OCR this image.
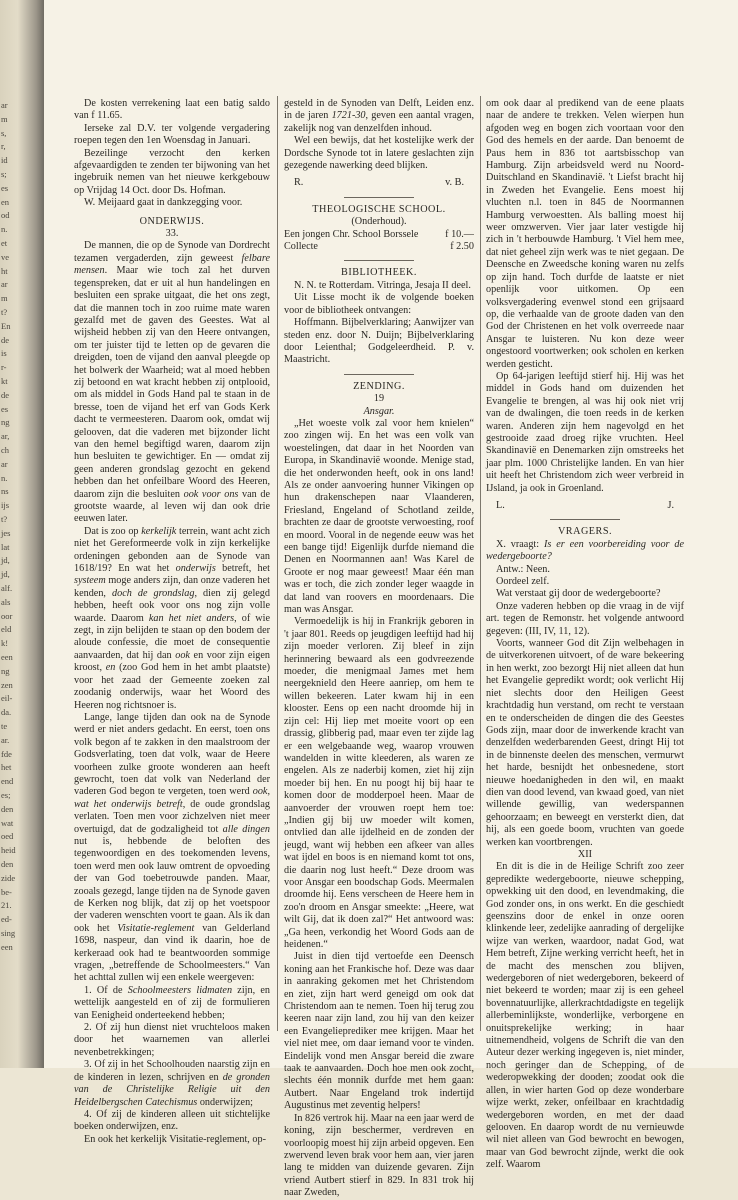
ar
m
s,
r,
id
s;
es
en
od
n.
et
ve
ht
ar
m
t?
En
de
is
r-
kt
de
es
ng
ar,
ch
ar
n.
ns
ijs
t?
jes
lat
jd,
jd,
alf.
als
oor
eld
k!
een
ng
zen
eil-
da.
te
ar.
fde
het
end
es;
den
wat
oed
heid
den
zide
be-
21.
ed-
sing
een

De kosten verrekening laat een batig saldo van f 11.65.

Ierseke zal D.V. ter volgende vergadering roepen tegen den 1en Woensdag in Januari.

Bezeilinge verzocht den kerken afgevaardigden te zenden ter bijwoning van het ingebruik nemen van het nieuwe kerkgebouw op Vrijdag 14 Oct. door Ds. Hofman.

W. Meijaard gaat in dankzegging voor.

ONDERWIJS.

33.

De mannen, die op de Synode van Dordrecht tezamen vergaderden, zijn geweest felbare mensen. Maar wie toch zal het durven tegenspreken, dat er uit al hun handelingen en besluiten een sprake uitgaat, die het ons zegt, dat die mannen toch in zoo ruime mate waren gezalfd met de gaven des Geestes. Wat al wijsheid hebben zij van den Heere ontvangen, om ter juister tijd te letten op de gevaren die dreigden, toen de vijand den aanval pleegde op het bolwerk der Waarheid; wat al moed hebben zij betoond en wat kracht hebben zij ontplooid, om als middel in Gods Hand pal te staan in de bresse, toen de vijand het erf van Gods Kerk dacht te vermeesteren. Daarom ook, omdat wij gelooven, dat die vaderen met bijzonder licht van den hemel begiftigd waren, daarom zijn hun besluiten te gewichtiger. En — omdat zij geen anderen grondslag gezocht en gekend hebben dan het onfeilbare Woord des Heeren, daarom zijn die besluiten ook voor ons van de grootste waarde, al leven wij dan ook drie eeuwen later.

Dat is zoo op kerkelijk terrein, want acht zich niet het Gereformeerde volk in zijn kerkelijke ordeningen gebonden aan de Synode van 1618/19? En wat het onderwijs betreft, het systeem moge anders zijn, dan onze vaderen het kenden, doch de grondslag, dien zij gelegd hebben, heeft ook voor ons nog zijn volle waarde. Daarom kan het niet anders, of wie zegt, in zijn belijden te staan op den bodem der aloude confessie, die moet de consequentie aanvaarden, dat hij dan ook en voor zijn eigen kroost, en (zoo God hem in het ambt plaatste) voor het zaad der Gemeente zoeken zal zoodanig onderwijs, waar het Woord des Heeren nog richtsnoer is.

Lange, lange tijden dan ook na de Synode werd er niet anders gedacht. En eerst, toen ons volk begon af te zakken in den maalstroom der Godsverlating, toen dat volk, waar de Heere voorheen zulke groote wonderen aan heeft gewrocht, toen dat volk van Nederland der vaderen God begon te vergeten, toen werd ook, wat het onderwijs betreft, de oude grondslag verlaten. Toen men voor zichzelven niet meer overtuigd, dat de godzaligheid tot alle dingen nut is, hebbende de beloften des tegenwoordigen en des toekomenden levens, toen werd men ook lauw omtrent de opvoeding der van God toebetrouwde panden. Maar, zooals gezegd, lange tijden na de Synode gaven de Kerken nog blijk, dat zij op het voetspoor der vaderen wenschten voort te gaan. Als ik dan ook het Visitatie-reglement van Gelderland 1698, naspeur, dan vind ik daarin, hoe de kerkeraad ook had te beantwoorden sommige vragen, „betreffende de Schoolmeesters.“ Van het achttal zullen wij een enkele weergeven:

1. Of de Schoolmeesters lidmaten zijn, en wettelijk aangesteld en of zij de formulieren van Eenigheid onderteekend hebben;

2. Of zij hun dienst niet vruchteloos maken door het waarnemen van allerlei nevenbetrekkingen;

3. Of zij in het Schoolhouden naarstig zijn en de kinderen in lezen, schrijven en de gronden van de Christelijke Religie uit den Heidelbergschen Catechismus onderwijzen;

4. Of zij de kinderen alleen uit stichtelijke boeken onderwijzen, enz.

En ook het kerkelijk Visitatie-reglement, op-

gesteld in de Synoden van Delft, Leiden enz. in de jaren 1721-30, geven een aantal vragen, zakelijk nog van denzelfden inhoud.

Wel een bewijs, dat het kostelijke werk der Dordsche Synode tot in latere geslachten zijn gezegende nawerking deed blijken.

R.	v. B.

THEOLOGISCHE SCHOOL.

(Onderhoud).

Een jongen Chr. School Borssele	f 10.—
Collecte	f 2.50

BIBLIOTHEEK.

N. N. te Rotterdam. Vitringa, Jesaja II deel.

Uit Lisse mocht ik de volgende boeken voor de bibliotheek ontvangen:

Hoffmann. Bijbelverklaring; Aanwijzer van steden enz. door N. Duijn; Bijbelverklaring door Leienthal; Godgeleerdheid. P. v. Maastricht.

ZENDING.

19

Ansgar.

„Het woeste volk zal voor hem knielen“ zoo zingen wij. En het was een volk van woestelingen, dat daar in het Noorden van Europa, in Skandinavië woonde. Menige stad, die het onderwonden heeft, ook in ons land! Als ze onder aanvoering hunner Vikingen op hun drakenschepen naar Vlaanderen, Friesland, Engeland of Schotland zeilde, brachten ze daar de grootste verwoesting, roof en moord. Vooral in de negende eeuw was het een bange tijd! Eigenlijk durfde niemand die Denen en Noormannen aan! Was Karel de Groote er nog maar geweest! Maar één man was er toch, die zich zonder leger waagde in dat land van roovers en moordenaars. Die man was Ansgar.

Vermoedelijk is hij in Frankrijk geboren in 't jaar 801. Reeds op jeugdigen leeftijd had hij zijn moeder verloren. Zij bleef in zijn herinnering bewaard als een godvreezende moeder, die menigmaal James met hem neergeknield den Heere aanriep, om hem te willen bekeeren. Later kwam hij in een klooster. Eens op een nacht droomde hij in zijn cel: Hij liep met moeite voort op een drassig, glibberig pad, maar even ter zijde lag er een welgebaande weg, waarop vrouwen wandelden in witte kleederen, als waren ze engelen. Als ze naderbij komen, ziet hij zijn moeder bij hen. En nu poogt hij bij haar te komen door de modderpoel heen. Maar de aanvoerder der vrouwen roept hem toe: „Indien gij bij uw moeder wilt komen, ontvlied dan alle ijdelheid en de zonden der jeugd, want wij hebben een afkeer van alles wat ijdel en boos is en niemand komt tot ons, die daarin nog lust heeft.“ Deze droom was voor Ansgar een boodschap Gods. Meermalen droomde hij. Eens verscheen de Heere hem in zoo'n droom en Ansgar smeekte: „Heere, wat wilt Gij, dat ik doen zal?“ Het antwoord was: „Ga heen, verkondig het Woord Gods aan de heidenen.“

Juist in dien tijd vertoefde een Deensch koning aan het Frankische hof. Deze was daar in aanraking gekomen met het Christendom en ziet, zijn hart werd geneigd om ook dat Christendom aan te nemen. Toen hij terug zou keeren naar zijn land, zou hij van den keizer een Evangelieprediker mee krijgen. Maar het viel niet mee, om daar iemand voor te vinden. Eindelijk vond men Ansgar bereid die zware taak te aanvaarden. Doch hoe men ook zocht, slechts één monnik durfde met hem gaan: Autbert. Naar Engeland trok indertijd Augustinus met zeventig helpers!

In 826 vertrok hij. Maar na een jaar werd de koning, zijn beschermer, verdreven en voorloopig moest hij zijn arbeid opgeven. Een zwervend leven brak voor hem aan, vier jaren lang te midden van duizende gevaren. Zijn vriend Autbert stierf in 829. In 831 trok hij naar Zweden,

om ook daar al predikend van de eene plaats naar de andere te trekken. Velen wierpen hun afgoden weg en bogen zich voortaan voor den God des hemels en der aarde. Dan benoemt de Paus hem in 836 tot aartsbisschop van Hamburg. Zijn arbeidsveld werd nu Noord-Duitschland en Skandinavië. 't Liefst bracht hij in Zweden het Evangelie. Eens moest hij vluchten n.l. toen in 845 de Noormannen Hamburg verwoestten. Als balling moest hij weer omzwerven. Vier jaar later vestigde hij zich in 't herbouwde Hamburg. 't Viel hem mee, dat niet geheel zijn werk was te niet gegaan. De Deensche en Zweedsche koning waren nu zelfs op zijn hand. Toch durfde de laatste er niet openlijk voor uitkomen. Op een volksvergadering evenwel stond een grijsaard op, die verhaalde van de groote daden van den God der Christenen en het volk overreede naar Ansgar te luisteren. Nu kon deze weer ongestoord voortwerken; ook scholen en kerken werden gesticht.

Op 64-jarigen leeftijd stierf hij. Hij was het middel in Gods hand om duizenden het Evangelie te brengen, al was hij ook niet vrij van de dwalingen, die toen reeds in de kerken waren. Anderen zijn hem nagevolgd en het gestrooide zaad droeg rijke vruchten. Heel Skandinavië en Denemarken zijn omstreeks het jaar plm. 1000 Christelijke landen. En van hier uit heeft het Christendom zich weer verbreid in IJsland, ja ook in Groenland.

L.	J.

VRAGERS.

X. vraagt: Is er een voorbereiding voor de wedergeboorte?

Antw.: Neen.

Oordeel zelf.

Wat verstaat gij door de wedergeboorte?

Onze vaderen hebben op die vraag in de vijf art. tegen de Remonstr. het volgende antwoord gegeven: (III, IV, 11, 12).

Voorts, wanneer God dit Zijn welbehagen in de uitverkorenen uitvoert, of de ware bekeering in hen werkt, zoo bezorgt Hij niet alleen dat hun het Evangelie gepredikt wordt; ook verlicht Hij niet slechts door den Heiligen Geest krachtdadig hun verstand, om recht te verstaan en te onderscheiden de dingen die des Geestes Gods zijn, maar door de inwerkende kracht van denzelfden wederbarenden Geest, dringt Hij tot in de binnenste deelen des menschen, vermurwt het harde, besnijdt het onbesnedene, stort nieuwe hoedanigheden in den wil, en maakt dien van dood levend, van kwaad goed, van niet willende gewillig, van wederspannen gehoorzaam; en beweegt en versterkt dien, dat hij, als een goede boom, vruchten van goede werken kan voortbrengen.

XII

En dit is die in de Heilige Schrift zoo zeer gepredikte wedergeboorte, nieuwe schepping, opwekking uit den dood, en levendmaking, die God zonder ons, in ons werkt. En die geschiedt geenszins door de enkel in onze ooren klinkende leer, zedelijke aanrading of dergelijke wijze van werken, waardoor, nadat God, wat Hem betreft, Zijne werking verricht heeft, het in de macht des menschen zou blijven, wedergeboren of niet wedergeboren, bekeerd of niet bekeerd te worden; maar zij is een geheel bovennatuurlijke, allerkrachtdadigste en tegelijk allerbeminlijkste, wonderlijke, verborgene en onuitsprekelijke werking; in haar uitnemendheid, volgens de Schrift die van den Auteur dezer werking ingegeven is, niet minder, noch geringer dan de Schepping, of de wederopwekking der dooden; zoodat ook die allen, in wier harten God op deze wonderbare wijze werkt, zeker, onfeilbaar en krachtdadig wedergeboren worden, en met der daad gelooven. En daarop wordt de nu vernieuwde wil niet alleen van God bewrocht en bewogen, maar van God bewrocht zijnde, werkt die ook zelf. Waarom
